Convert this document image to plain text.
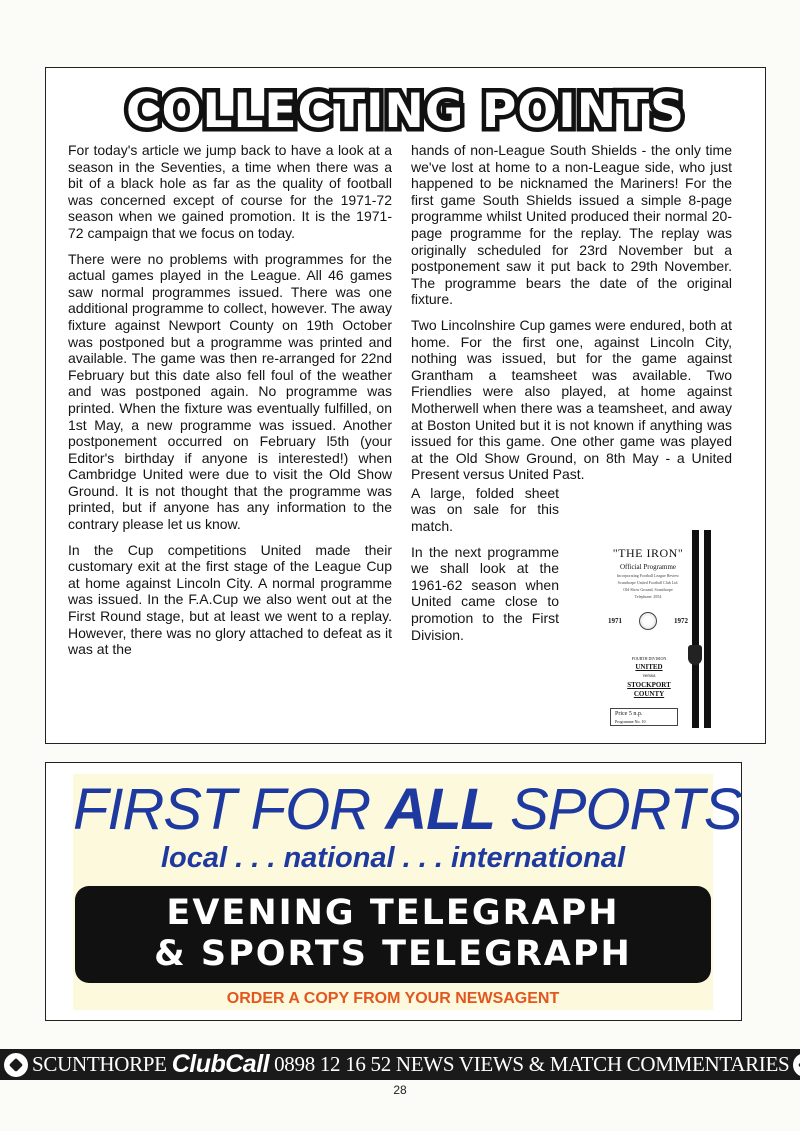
COLLECTING POINTS

For today's article we jump back to have a look at a season in the Seventies, a time when there was a bit of a black hole as far as the quality of football was concerned except of course for the 1971-72 season when we gained promotion. It is the 1971-72 campaign that we focus on today.

There were no problems with programmes for the actual games played in the League. All 46 games saw normal programmes issued. There was one additional programme to collect, however. The away fixture against Newport County on 19th October was postponed but a programme was printed and available. The game was then re-arranged for 22nd February but this date also fell foul of the weather and was postponed again. No programme was printed. When the fixture was eventually fulfilled, on 1st May, a new programme was issued. Another postponement occurred on February l5th (your Editor's birthday if anyone is interested!) when Cambridge United were due to visit the Old Show Ground. It is not thought that the programme was printed, but if anyone has any information to the contrary please let us know.

In the Cup competitions United made their customary exit at the first stage of the League Cup at home against Lincoln City. A normal programme was issued. In the F.A.Cup we also went out at the First Round stage, but at least we went to a replay. However, there was no glory attached to defeat as it was at the

hands of non-League South Shields - the only time we've lost at home to a non-League side, who just happened to be nicknamed the Mariners! For the first game South Shields issued a simple 8-page programme whilst United produced their normal 20-page programme for the replay. The replay was originally scheduled for 23rd November but a postponement saw it put back to 29th November. The programme bears the date of the original fixture.

Two Lincolnshire Cup games were endured, both at home. For the first one, against Lincoln City, nothing was issued, but for the game against Grantham a teamsheet was available. Two Friendlies were also played, at home against Motherwell when there was a teamsheet, and away at Boston United but it is not known if anything was issued for this game. One other game was played at the Old Show Ground, on 8th May - a United Present versus United Past.

A large, folded sheet was on sale for this match.

In the next programme we shall look at the 1961-62 season when United came close to promotion to the First Division.

"THE IRON"
Official Programme
Incorporating Football League Review
Scunthorpe United Football Club Ltd.
Old Show Ground, Scunthorpe
Telephone: 2954
1971	1972
FOURTH DIVISION
UNITED
versus
STOCKPORT COUNTY
Price 5 n.p.
Programme No. 10
FIRST FOR ALL SPORTS
local . . . national . . . international
EVENING TELEGRAPH
& SPORTS TELEGRAPH
ORDER A COPY FROM YOUR NEWSAGENT
SCUNTHORPE ClubCall 0898 12 16 52 NEWS VIEWS & MATCH COMMENTARIES
28
